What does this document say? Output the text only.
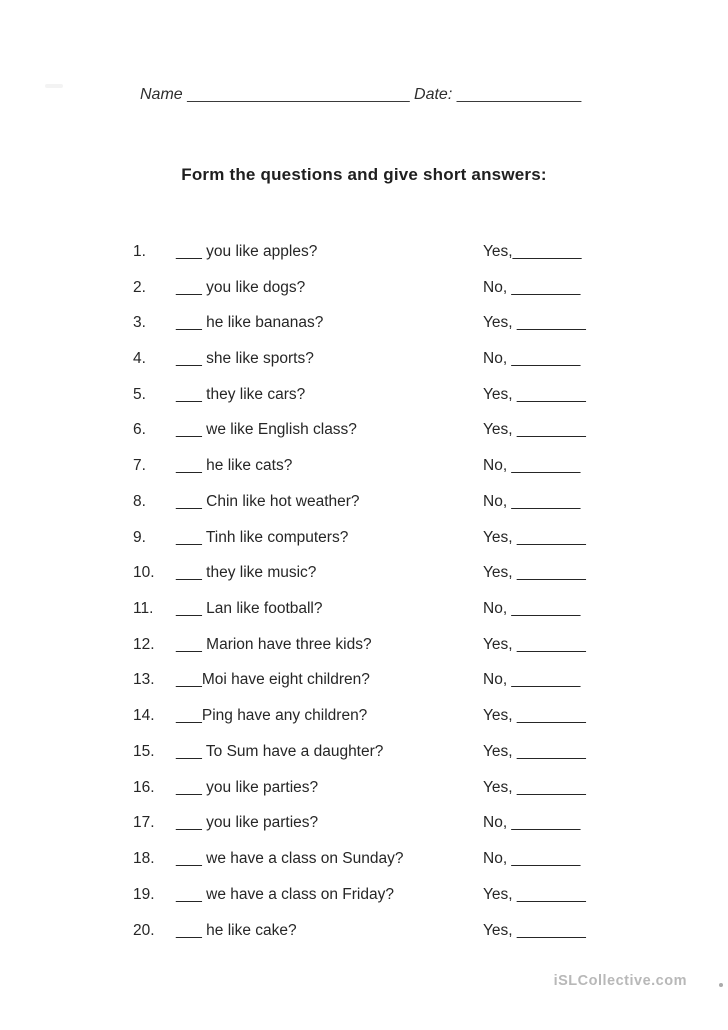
Name _________________________ Date: ______________
Form the questions and give short answers:
1.	___ you like apples?	Yes,________
2.	___ you like dogs?	No, ________
3.	___ he like bananas?	Yes, ________
4.	___ she like sports?	No, ________
5.	___ they like cars?	Yes, ________
6.	___ we like English class?	Yes, ________
7.	___ he like cats?	No, ________
8.	___ Chin like hot weather?	No, ________
9.	___ Tinh like computers?	Yes, ________
10.	___ they like music?	Yes, ________
11.	___ Lan like football?	No, ________
12.	___ Marion have three kids?	Yes, ________
13.	___Moi have eight children?	No, ________
14.	___Ping have any children?	Yes, ________
15.	___ To Sum have a daughter?	Yes, ________
16.	___ you like parties?	Yes, ________
17.	___ you like parties?	No, ________
18.	___ we have a class on Sunday?	No, ________
19.	___ we have a class on Friday?	Yes, ________
20.	___ he like cake?	Yes, ________
iSLCollective.com
